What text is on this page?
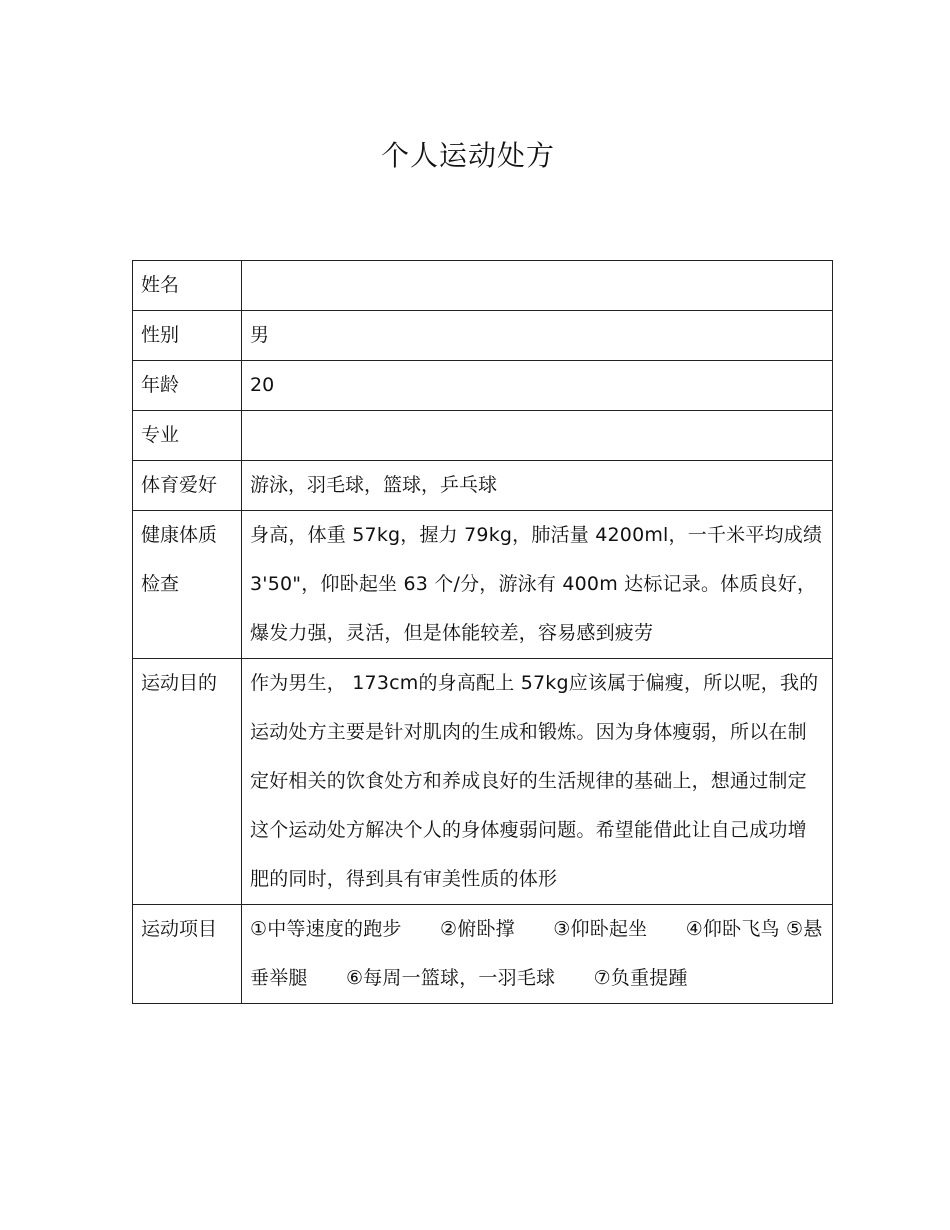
个人运动处方
姓名	
性别	男
年龄	20
专业	
体育爱好	游泳，羽毛球，篮球，乒乓球
健康体质检查	身高，体重 57kg，握力 79kg，肺活量 4200ml，一千米平均成绩 3'50"，仰卧起坐 63 个/分，游泳有 400m 达标记录。体质良好，爆发力强，灵活，但是体能较差，容易感到疲劳
运动目的	作为男生， 173cm的身高配上 57kg应该属于偏瘦，所以呢，我的运动处方主要是针对肌肉的生成和锻炼。因为身体瘦弱，所以在制定好相关的饮食处方和养成良好的生活规律的基础上，想通过制定这个运动处方解决个人的身体瘦弱问题。希望能借此让自己成功增肥的同时，得到具有审美性质的体形
运动项目	①中等速度的跑步　　②俯卧撑　　③仰卧起坐　　④仰卧飞鸟 ⑤悬垂举腿　　⑥每周一篮球，一羽毛球　　⑦负重提踵
